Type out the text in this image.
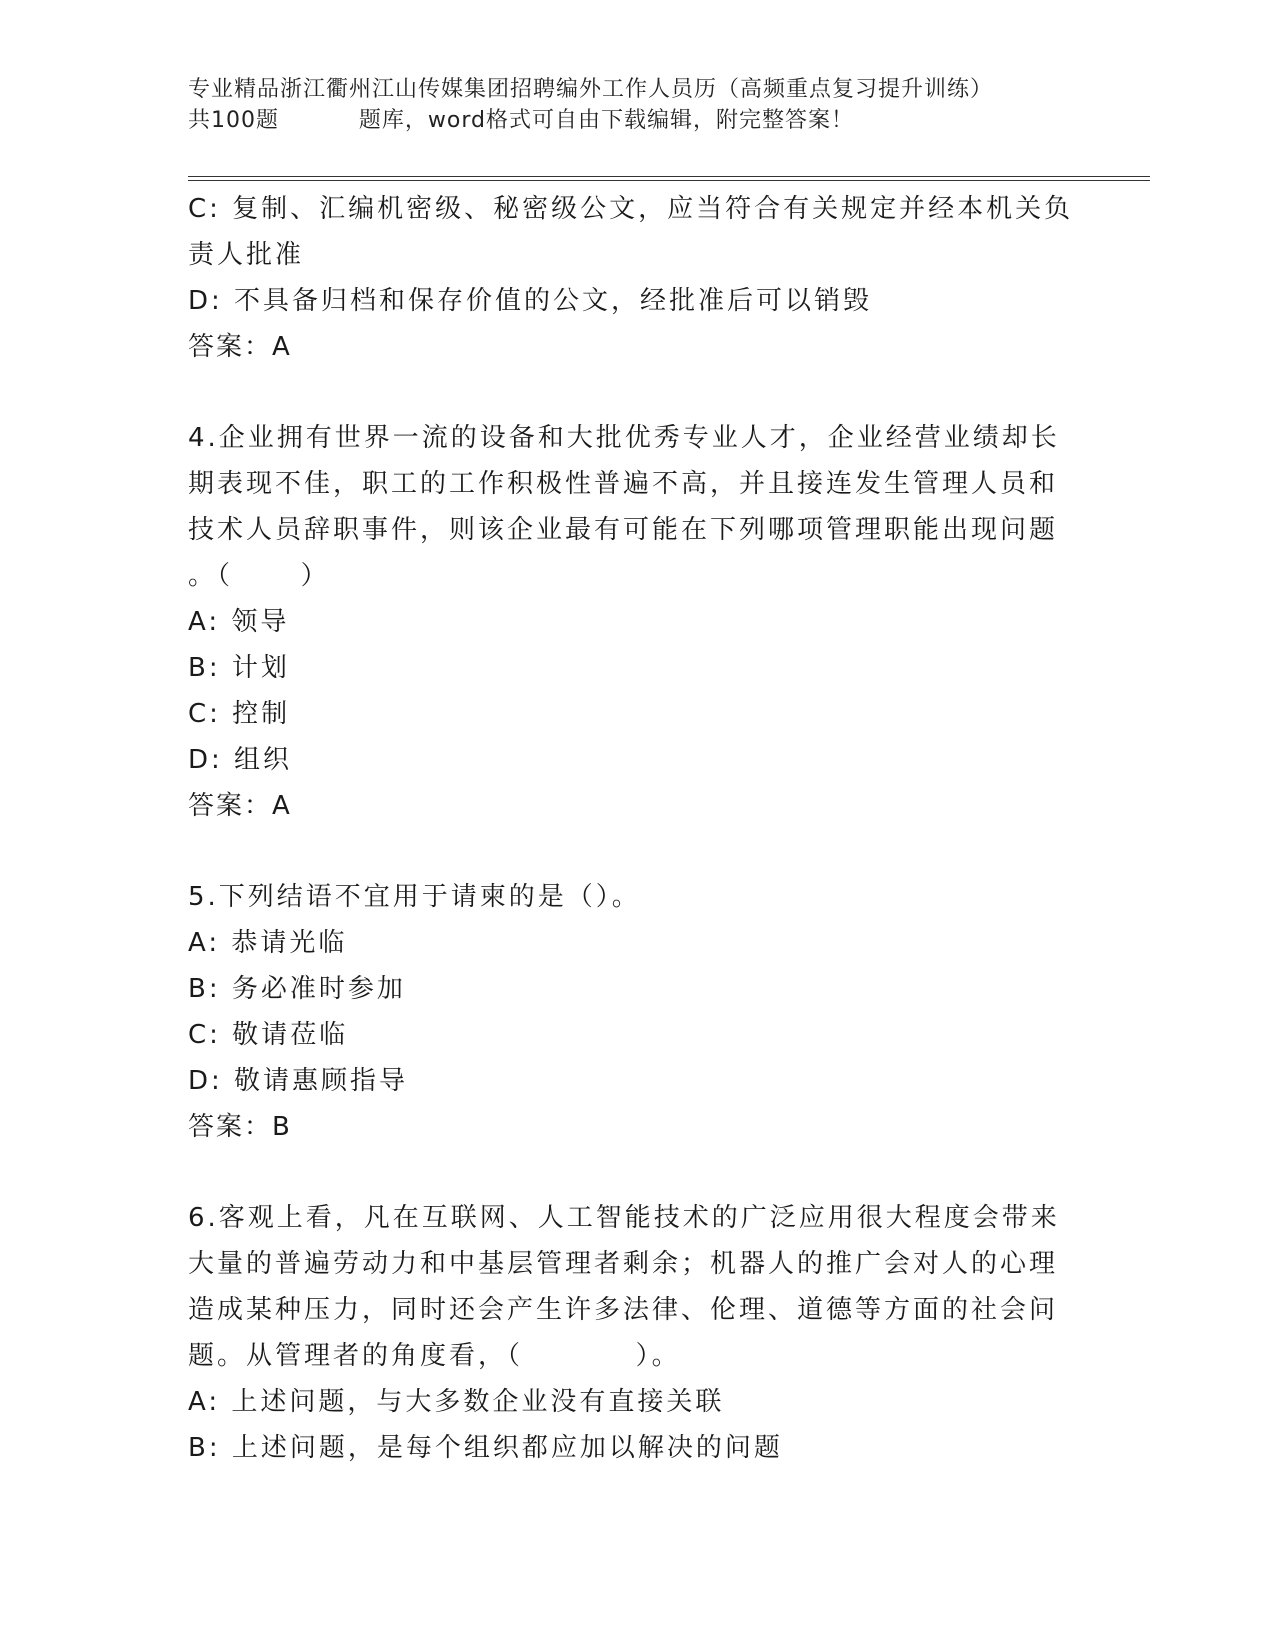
专业精品浙江衢州江山传媒集团招聘编外工作人员历（高频重点复习提升训练）
共100题          题库，word格式可自由下载编辑，附完整答案！
C: 复制、汇编机密级、秘密级公文，应当符合有关规定并经本机关负
责人批准
D: 不具备归档和保存价值的公文，经批准后可以销毁
答案：A
4.企业拥有世界一流的设备和大批优秀专业人才，企业经营业绩却长
期表现不佳，职工的工作积极性普遍不高，并且接连发生管理人员和
技术人员辞职事件，则该企业最有可能在下列哪项管理职能出现问题
。（      ）
A: 领导
B: 计划
C: 控制
D: 组织
答案：A
5.下列结语不宜用于请柬的是（）。
A: 恭请光临
B: 务必准时参加
C: 敬请莅临
D: 敬请惠顾指导
答案：B
6.客观上看，凡在互联网、人工智能技术的广泛应用很大程度会带来
大量的普遍劳动力和中基层管理者剩余；机器人的推广会对人的心理
造成某种压力，同时还会产生许多法律、伦理、道德等方面的社会问
题。从管理者的角度看，（          ）。
A: 上述问题，与大多数企业没有直接关联
B: 上述问题，是每个组织都应加以解决的问题
